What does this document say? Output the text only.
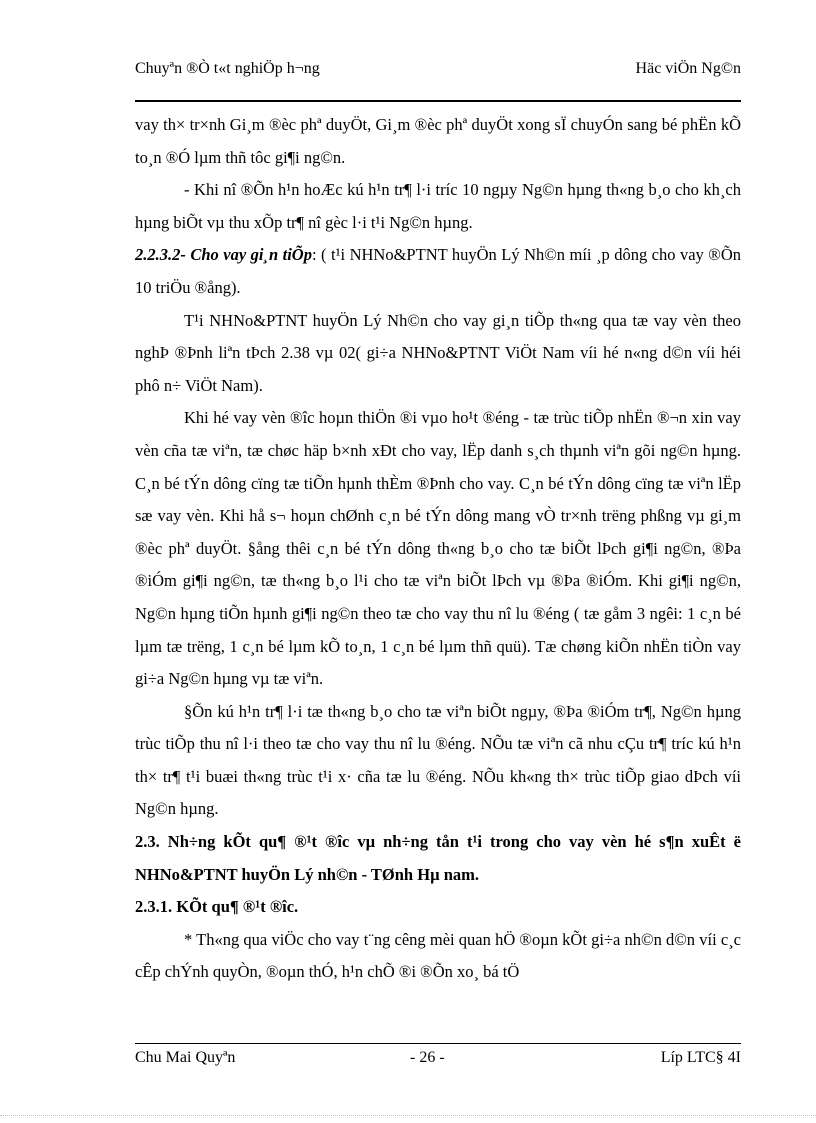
Chuyªn ®Ò t«t nghiÖp h¬ng	Häc viÖn Ng©n

vay th× tr×nh Gi¸m ®èc phª duyÖt, Gi¸m ®èc phª duyÖt xong sÏ chuyÓn sang bé phËn kÕ to¸n ®Ó lµm thñ tôc gi¶i ng©n.

- Khi nî ®Õn h¹n hoÆc kú h¹n tr¶ l·i tríc 10 ngµy Ng©n hµng th«ng b¸o cho kh¸ch hµng biÕt vµ thu xÕp tr¶ nî gèc l·i t¹i Ng©n hµng.

2.2.3.2- Cho vay gi¸n tiÕp: ( t¹i NHNo&PTNT huyÖn Lý Nh©n míi ¸p dông cho vay ®Õn 10 triÖu ®ång).

T¹i NHNo&PTNT huyÖn Lý Nh©n cho vay gi¸n tiÕp th«ng qua tæ vay vèn theo nghÞ ®Þnh liªn tÞch 2.38 vµ 02( gi÷a NHNo&PTNT ViÖt Nam víi hé n«ng d©n víi héi phô n÷ ViÖt Nam).

Khi hé vay vèn ®îc hoµn thiÖn ®i vµo ho¹t ®éng - tæ trùc tiÕp nhËn ®¬n xin vay vèn cña tæ viªn, tæ chøc häp b×nh xÐt cho vay, lËp danh s¸ch thµnh viªn gõi ng©n hµng. C¸n bé tÝn dông cïng tæ tiÕn hµnh thÈm ®Þnh cho vay. C¸n bé tÝn dông cïng tæ viªn lËp sæ vay vèn. Khi hå s¬ hoµn chØnh c¸n bé tÝn dông mang vÒ tr×nh trëng phßng vµ gi¸m ®èc phª duyÖt. §ång thêi c¸n bé tÝn dông th«ng b¸o cho tæ biÕt lÞch gi¶i ng©n, ®Þa ®iÓm gi¶i ng©n, tæ th«ng b¸o l¹i cho tæ viªn biÕt lÞch vµ ®Þa ®iÓm. Khi gi¶i ng©n, Ng©n hµng tiÕn hµnh gi¶i ng©n theo tæ cho vay thu nî lu ®éng ( tæ gåm 3 ngêi: 1 c¸n bé lµm tæ trëng, 1 c¸n bé lµm kÕ to¸n, 1 c¸n bé lµm thñ quü). Tæ chøng kiÕn nhËn tiÒn vay gi÷a Ng©n hµng vµ tæ viªn.

§Õn kú h¹n tr¶ l·i tæ th«ng b¸o cho tæ viªn biÕt ngµy, ®Þa ®iÓm tr¶, Ng©n hµng trùc tiÕp thu nî l·i theo tæ cho vay thu nî lu ®éng. NÕu tæ viªn cã nhu cÇu tr¶ tríc kú h¹n th× tr¶ t¹i buæi th«ng trùc t¹i x· cña tæ lu ®éng. NÕu kh«ng th× trùc tiÕp giao dÞch víi Ng©n hµng.

2.3. Nh÷ng kÕt qu¶ ®¹t ®îc vµ nh÷ng tån t¹i trong cho vay vèn hé s¶n xuÊt ë NHNo&PTNT huyÖn Lý nh©n - TØnh Hµ nam.

2.3.1. KÕt qu¶ ®¹t ®îc.

* Th«ng qua viÖc cho vay t¨ng cêng mèi quan hÖ ®oµn kÕt gi÷a nh©n d©n víi c¸c cÊp chÝnh quyÒn, ®oµn thÓ, h¹n chÕ ®i ®Õn xo¸ bá tÖ

Chu Mai Quyªn	- 26 -	Líp LTC§ 4I
